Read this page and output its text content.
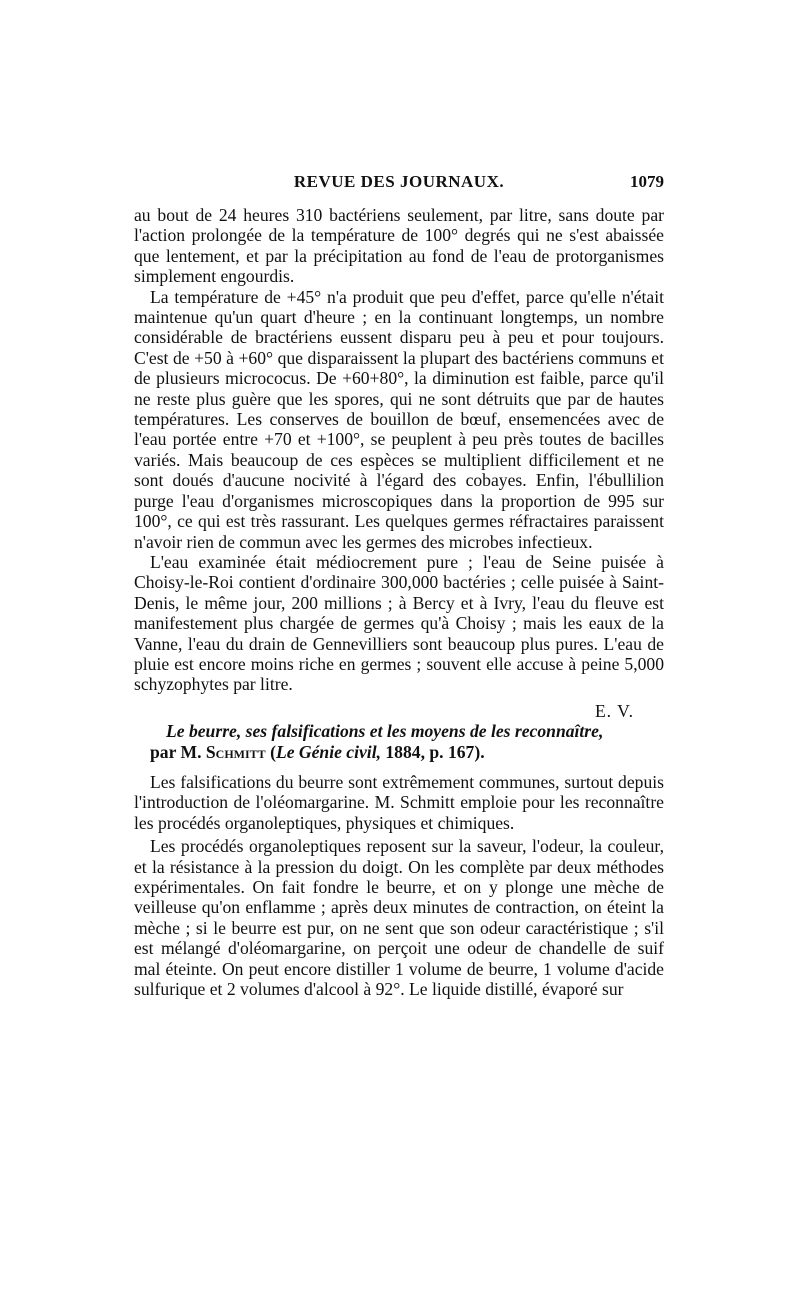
REVUE DES JOURNAUX.	1079

au bout de 24 heures 310 bactériens seulement, par litre, sans doute par l'action prolongée de la température de 100° degrés qui ne s'est abaissée que lentement, et par la précipitation au fond de l'eau de protorganismes simplement engourdis.

La température de +45° n'a produit que peu d'effet, parce qu'elle n'était maintenue qu'un quart d'heure ; en la continuant longtemps, un nombre considérable de bractériens eussent disparu peu à peu et pour toujours. C'est de +50 à +60° que disparaissent la plupart des bactériens communs et de plusieurs micrococus. De +60+80°, la diminution est faible, parce qu'il ne reste plus guère que les spores, qui ne sont détruits que par de hautes températures. Les conserves de bouillon de bœuf, ensemencées avec de l'eau portée entre +70 et +100°, se peuplent à peu près toutes de bacilles variés. Mais beaucoup de ces espèces se multiplient difficilement et ne sont doués d'aucune nocivité à l'égard des cobayes. Enfin, l'ébullilion purge l'eau d'organismes microscopiques dans la proportion de 995 sur 100°, ce qui est très rassurant. Les quelques germes réfractaires paraissent n'avoir rien de commun avec les germes des microbes infectieux.

L'eau examinée était médiocrement pure ; l'eau de Seine puisée à Choisy-le-Roi contient d'ordinaire 300,000 bactéries ; celle puisée à Saint-Denis, le même jour, 200 millions ; à Bercy et à Ivry, l'eau du fleuve est manifestement plus chargée de germes qu'à Choisy ; mais les eaux de la Vanne, l'eau du drain de Gennevilliers sont beaucoup plus pures. L'eau de pluie est encore moins riche en germes ; souvent elle accuse à peine 5,000 schyzophytes par litre.

E. V.

Le beurre, ses falsifications et les moyens de les reconnaître,
par M. Schmitt (Le Génie civil, 1884, p. 167).

Les falsifications du beurre sont extrêmement communes, surtout depuis l'introduction de l'oléomargarine. M. Schmitt emploie pour les reconnaître les procédés organoleptiques, physiques et chimiques.

Les procédés organoleptiques reposent sur la saveur, l'odeur, la couleur, et la résistance à la pression du doigt. On les complète par deux méthodes expérimentales. On fait fondre le beurre, et on y plonge une mèche de veilleuse qu'on enflamme ; après deux minutes de contraction, on éteint la mèche ; si le beurre est pur, on ne sent que son odeur caractéristique ; s'il est mélangé d'oléomargarine, on perçoit une odeur de chandelle de suif mal éteinte. On peut encore distiller 1 volume de beurre, 1 volume d'acide sulfurique et 2 volumes d'alcool à 92°. Le liquide distillé, évaporé sur
